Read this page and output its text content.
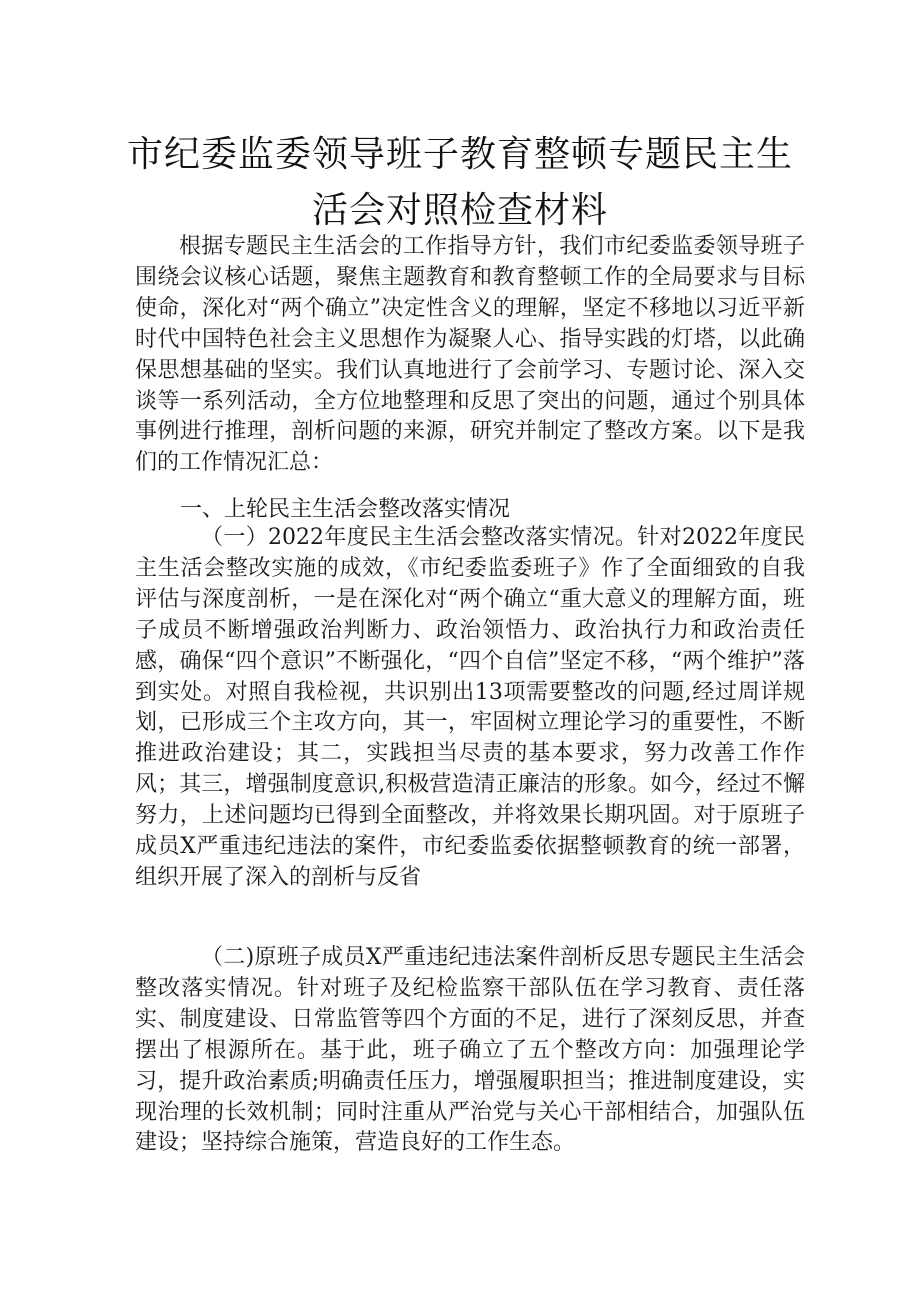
市纪委监委领导班子教育整顿专题民主生
活会对照检查材料
根据专题民主生活会的工作指导方针，我们市纪委监委领导班子围绕会议核心话题，聚焦主题教育和教育整顿工作的全局要求与目标使命，深化对“两个确立”决定性含义的理解，坚定不移地以习近平新时代中国特色社会主义思想作为凝聚人心、指导实践的灯塔，以此确保思想基础的坚实。我们认真地进行了会前学习、专题讨论、深入交谈等一系列活动，全方位地整理和反思了突出的问题，通过个别具体事例进行推理，剖析问题的来源，研究并制定了整改方案。以下是我们的工作情况汇总：
一、上轮民主生活会整改落实情况
（一）2022年度民主生活会整改落实情况。针对2022年度民主生活会整改实施的成效，《市纪委监委班子》作了全面细致的自我评估与深度剖析，一是在深化对“两个确立“重大意义的理解方面，班子成员不断增强政治判断力、政治领悟力、政治执行力和政治责任感，确保“四个意识”不断强化，“四个自信”坚定不移，“两个维护”落到实处。对照自我检视，共识别出13项需要整改的问题,经过周详规划，已形成三个主攻方向，其一，牢固树立理论学习的重要性，不断推进政治建设；其二，实践担当尽责的基本要求，努力改善工作作风；其三，增强制度意识,积极营造清正廉洁的形象。如今，经过不懈努力，上述问题均已得到全面整改，并将效果长期巩固。对于原班子成员X严重违纪违法的案件，市纪委监委依据整顿教育的统一部署，组织开展了深入的剖析与反省
（二)原班子成员X严重违纪违法案件剖析反思专题民主生活会整改落实情况。针对班子及纪检监察干部队伍在学习教育、责任落实、制度建设、日常监管等四个方面的不足，进行了深刻反思，并查摆出了根源所在。基于此，班子确立了五个整改方向：加强理论学习，提升政治素质;明确责任压力，增强履职担当；推进制度建设，实现治理的长效机制；同时注重从严治党与关心干部相结合，加强队伍建设；坚持综合施策，营造良好的工作生态。
